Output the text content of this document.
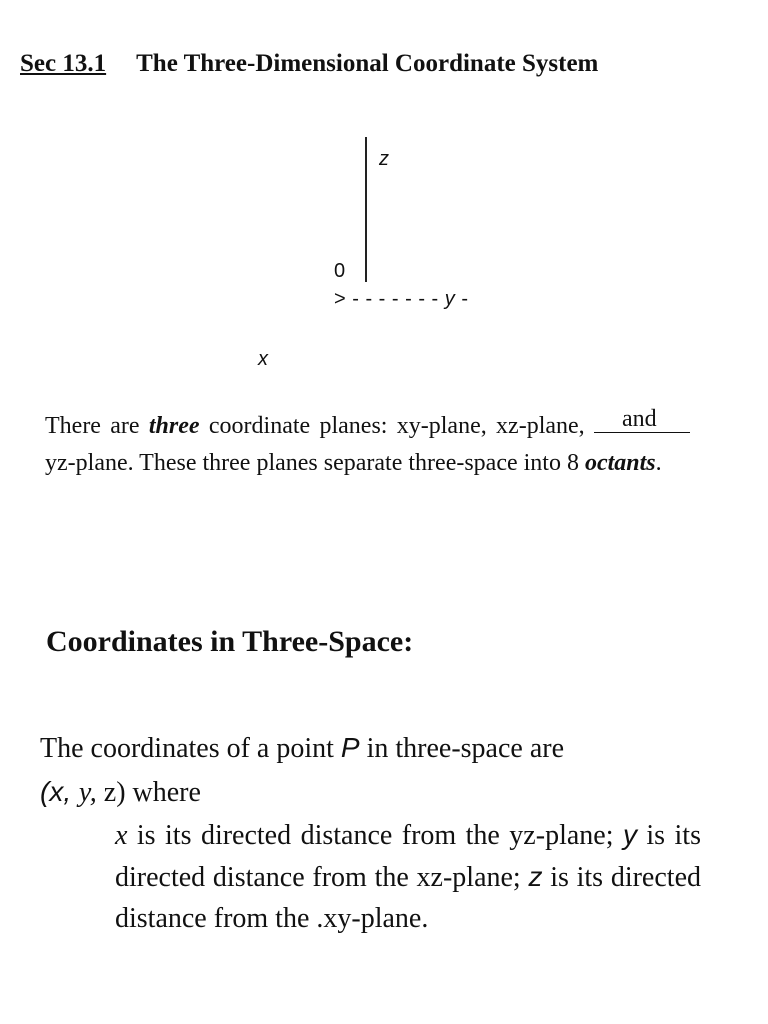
Sec 13.1 The Three-Dimensional Coordinate System
z
0
> - - - - - - - y -
x
There are three coordinate planes: xy-plane, xz-plane, and
yz-plane. These three planes separate three-space into 8 octants.
Coordinates in Three-Space:
The coordinates of a point P in three-space are
(x, y, z) where
x is its directed distance from the yz-plane; y is its directed distance from the xz-plane; z is its directed distance from the .xy-plane.
